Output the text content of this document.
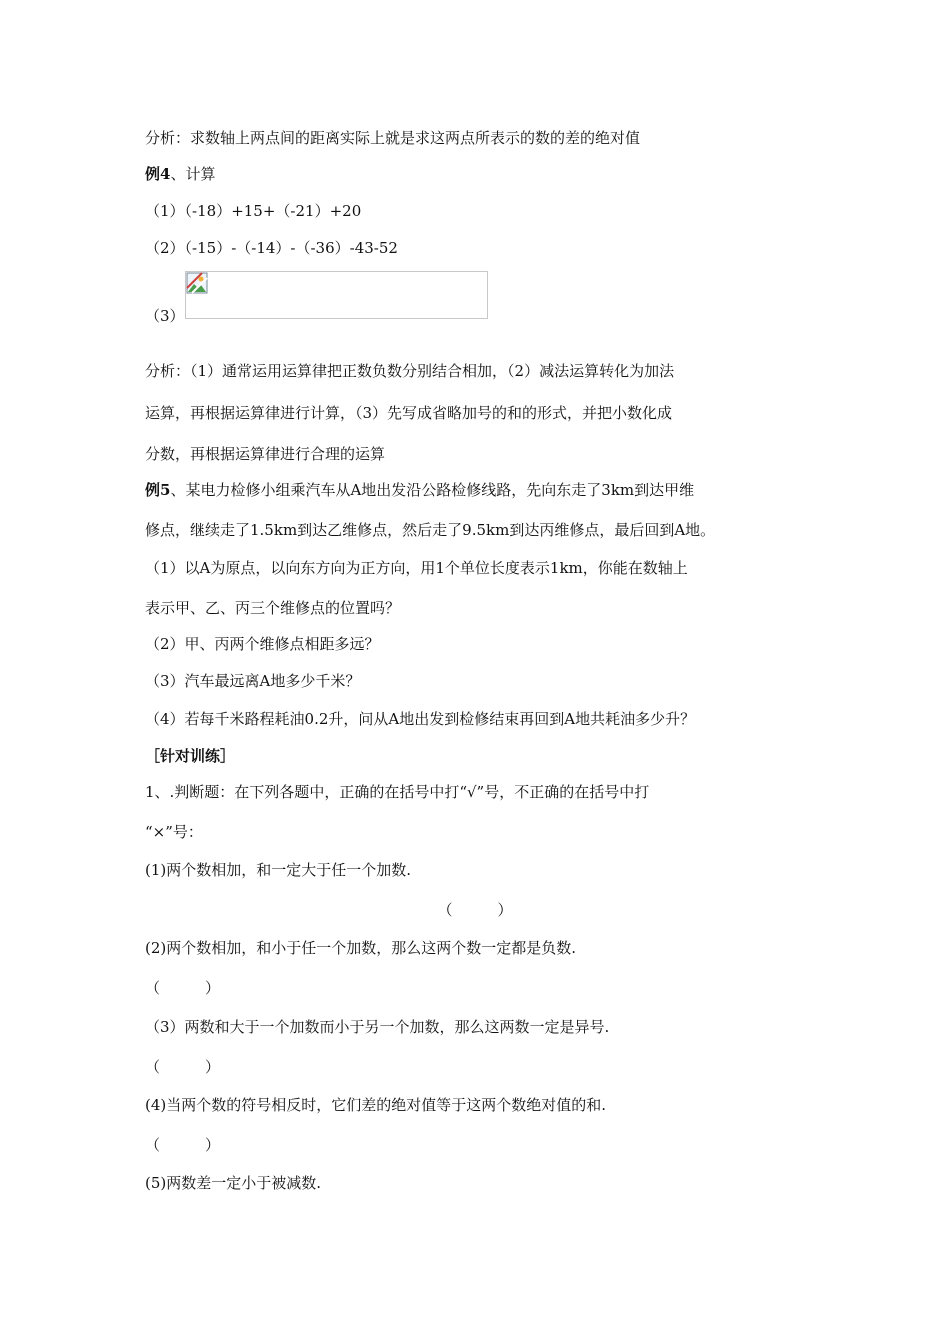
分析：求数轴上两点间的距离实际上就是求这两点所表示的数的差的绝对值
例4、计算
（1）（-18）+15+（-21）+20
（2）（-15）-（-14）-（-36）-43-52
（3）
分析：（1）通常运用运算律把正数负数分别结合相加，（2）减法运算转化为加法
运算，再根据运算律进行计算，（3）先写成省略加号的和的形式，并把小数化成
分数，再根据运算律进行合理的运算
例5、某电力检修小组乘汽车从A地出发沿公路检修线路，先向东走了3km到达甲维
修点，继续走了1.5km到达乙维修点，然后走了9.5km到达丙维修点，最后回到A地。
（1）以A为原点，以向东方向为正方向，用1个单位长度表示1km，你能在数轴上
表示甲、乙、丙三个维修点的位置吗？
（2）甲、丙两个维修点相距多远？
（3）汽车最远离A地多少千米？
（4）若每千米路程耗油0.2升，问从A地出发到检修结束再回到A地共耗油多少升？
［针对训练］
1、.判断题：在下列各题中，正确的在括号中打“√”号，不正确的在括号中打
“×”号：
(1)两个数相加，和一定大于任一个加数.
（　　　）
(2)两个数相加，和小于任一个加数，那么这两个数一定都是负数.
（　　　）
（3）两数和大于一个加数而小于另一个加数，那么这两数一定是异号.
（　　　）
(4)当两个数的符号相反时，它们差的绝对值等于这两个数绝对值的和.
（　　　）
(5)两数差一定小于被减数.
